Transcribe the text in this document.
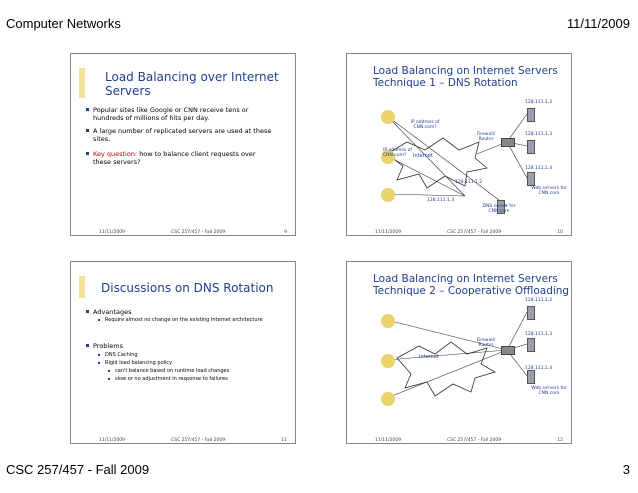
Computer Networks	11/11/2009
Load Balancing over Internet
Servers
Popular sites like Google or CNN receive tens or hundreds of millions of hits per day.
A large number of replicated servers are used at these sites.
Key question: how to balance client requests over these servers?
11/11/2009	CSC 257/457 - Fall 2009	9
Load Balancing on Internet Servers
Technique 1 – DNS Rotation
128.111.1.2
128.111.1.3
128.111.1.4
128.111.1.2
128.111.1.3
IP address of CNN.com?
IP address of CNN.com?	Internet
Firewall/ Router
Web servers for CNN.com
DNS server for CNN.com
11/11/2009	CSC 257/457 - Fall 2009	10
Discussions on DNS Rotation
Advantages
Require almost no change on the existing Internet architecture
Problems
DNS Caching
Rigid load balancing policy
can't balance based on runtime load changes
slow or no adjustment in response to failures
11/11/2009	CSC 257/457 - Fall 2009	11
Load Balancing on Internet Servers
Technique 2 – Cooperative Offloading
128.111.1.2
128.111.1.3
128.111.1.4
Internet
Firewall/ Router
Web servers for CNN.com
11/11/2009	CSC 257/457 - Fall 2009	12
CSC 257/457 - Fall 2009	3
